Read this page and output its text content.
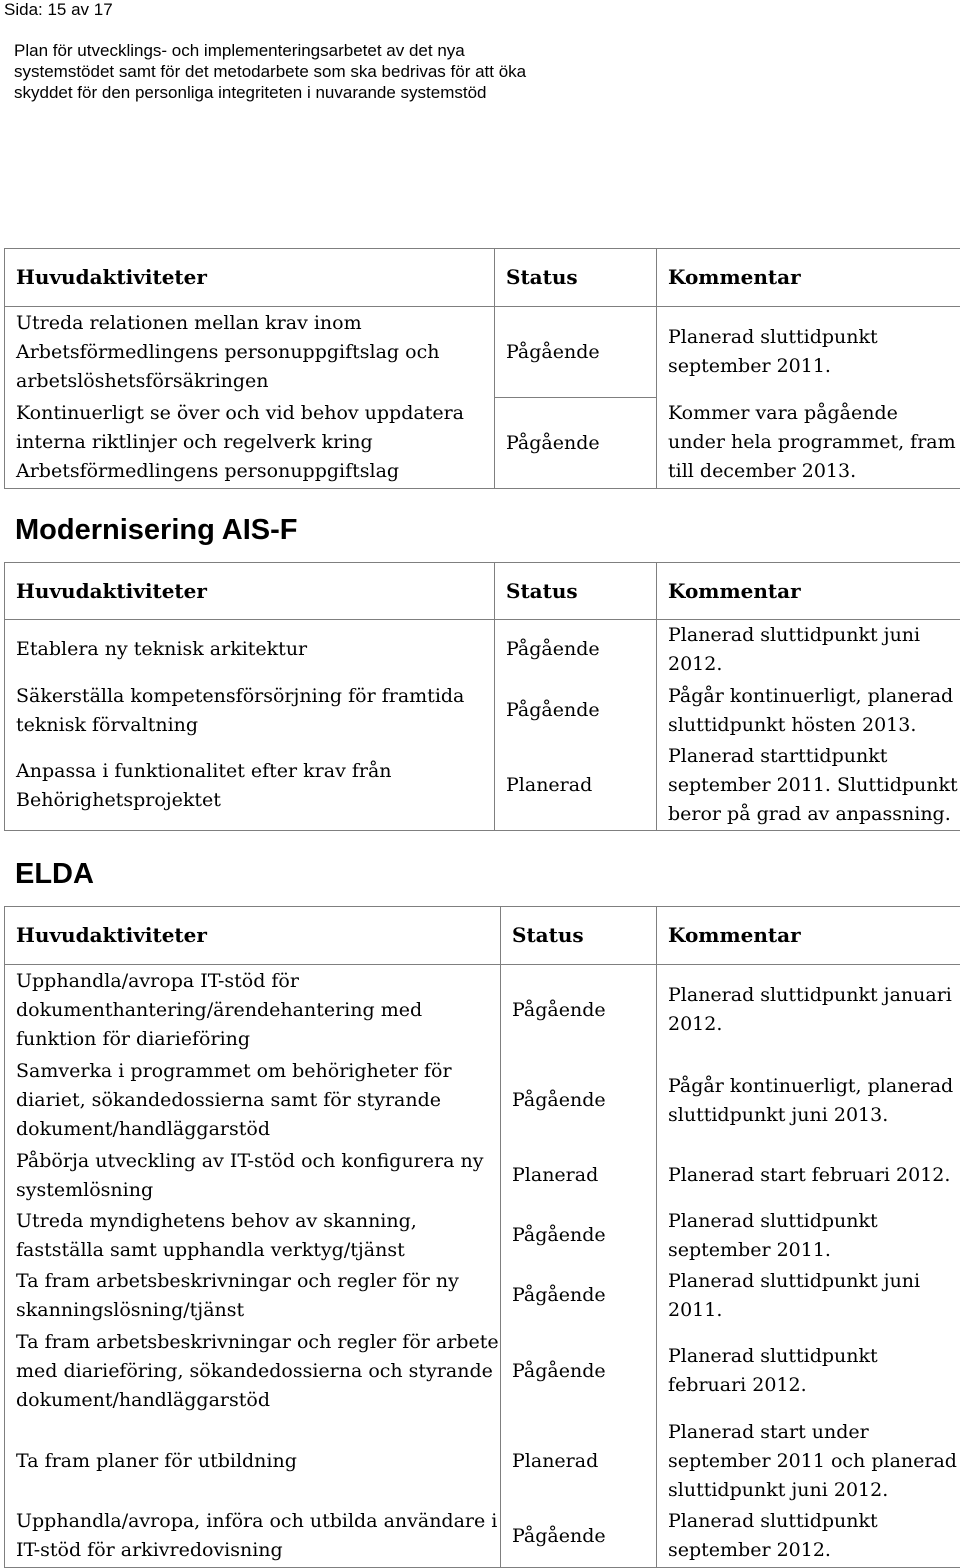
Sida: 15 av 17
Plan för utvecklings- och implementeringsarbetet av det nya
systemstödet samt för det metodarbete som ska bedrivas för att öka
skyddet för den personliga integriteten i nuvarande systemstöd
Huvudaktiviteter	Status	Kommentar
Utreda relationen mellan krav inom Arbetsförmedlingens personuppgiftslag och arbetslöshetsförsäkringen	Pågående	Planerad sluttidpunkt september 2011.
Kontinuerligt se över och vid behov uppdatera interna riktlinjer och regelverk kring Arbetsförmedlingens personuppgiftslag	Pågående	Kommer vara pågående under hela programmet, fram till december 2013.
Modernisering AIS-F
Huvudaktiviteter	Status	Kommentar
Etablera ny teknisk arkitektur	Pågående	Planerad sluttidpunkt juni 2012.
Säkerställa kompetensförsörjning för framtida teknisk förvaltning	Pågående	Pågår kontinuerligt, planerad sluttidpunkt hösten 2013.
Anpassa i funktionalitet efter krav från Behörighetsprojektet	Planerad	Planerad starttidpunkt september 2011. Sluttidpunkt beror på grad av anpassning.
ELDA
Huvudaktiviteter	Status	Kommentar
Upphandla/avropa IT-stöd för dokumenthantering/ärendehantering med funktion för diarieföring	Pågående	Planerad sluttidpunkt januari 2012.
Samverka i programmet om behörigheter för diariet, sökandedossierna samt för styrande dokument/handläggarstöd	Pågående	Pågår kontinuerligt, planerad sluttidpunkt juni 2013.
Påbörja utveckling av IT-stöd och konfigurera ny systemlösning	Planerad	Planerad start februari 2012.
Utreda myndighetens behov av skanning, fastställa samt upphandla verktyg/tjänst	Pågående	Planerad sluttidpunkt september 2011.
Ta fram arbetsbeskrivningar och regler för ny skanningslösning/tjänst	Pågående	Planerad sluttidpunkt juni 2011.
Ta fram arbetsbeskrivningar och regler för arbete med diarieföring, sökandedossierna och styrande dokument/handläggarstöd	Pågående	Planerad sluttidpunkt februari 2012.
Ta fram planer för utbildning	Planerad	Planerad start under september 2011 och planerad sluttidpunkt juni 2012.
Upphandla/avropa, införa och utbilda användare i IT-stöd för arkivredovisning	Pågående	Planerad sluttidpunkt september 2012.
